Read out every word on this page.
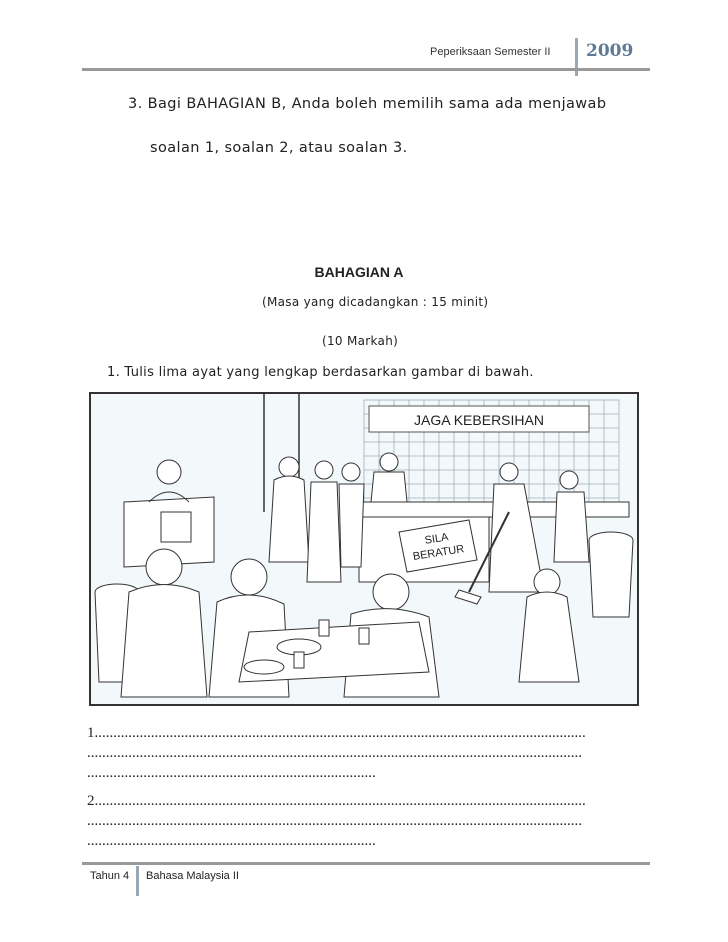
Peperiksaan Semester II 2009
3. Bagi BAHAGIAN B, Anda boleh memilih sama ada menjawab
soalan 1, soalan 2, atau soalan 3.
BAHAGIAN A
(Masa yang dicadangkan : 15 minit)
(10 Markah)
1. Tulis lima ayat yang lengkap berdasarkan gambar di bawah.
JAGA KEBERSIHAN
SILA
BERATUR
1...................................................................................................................................
....................................................................................................................................
.............................................................................
2...................................................................................................................................
....................................................................................................................................
.............................................................................
Tahun 4 Bahasa Malaysia II
